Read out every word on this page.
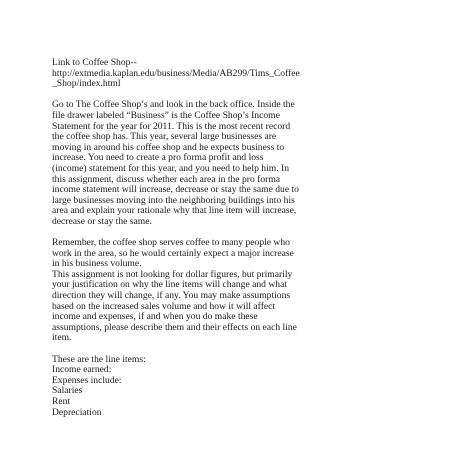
Link to Coffee Shop--
http://extmedia.kaplan.edu/business/Media/AB299/Tims_Coffee
_Shop/index.html
Go to The Coffee Shop’s and look in the back office. Inside the
file drawer labeled “Business” is the Coffee Shop’s Income
Statement for the year for 2011. This is the most recent record
the coffee shop has. This year, several large businesses are
moving in around his coffee shop and he expects business to
increase. You need to create a pro forma profit and loss
(income) statement for this year, and you need to help him. In
this assignment, discuss whether each area in the pro forma
income statement will increase, decrease or stay the same due to
large businesses moving into the neighboring buildings into his
area and explain your rationale why that line item will increase,
decrease or stay the same.
Remember, the coffee shop serves coffee to many people who
work in the area, so he would certainly expect a major increase
in his business volume.
This assignment is not looking for dollar figures, but primarily
your justification on why the line items will change and what
direction they will change, if any. You may make assumptions
based on the increased sales volume and how it will affect
income and expenses, if and when you do make these
assumptions, please describe them and their effects on each line
item.
These are the line items:
Income earned:
Expenses include:
Salaries
Rent
Depreciation
